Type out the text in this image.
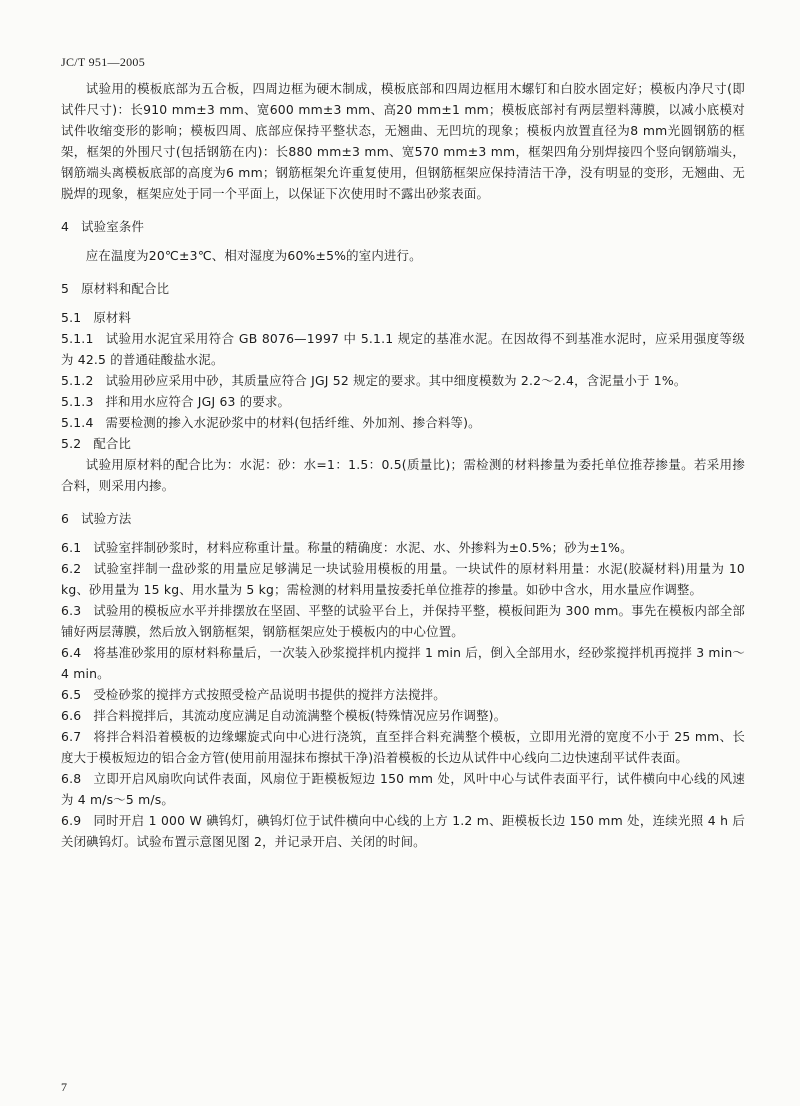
JC/T 951—2005

试验用的模板底部为五合板，四周边框为硬木制成，模板底部和四周边框用木螺钉和白胶水固定好；模板内净尺寸(即试件尺寸)：长910 mm±3 mm、宽600 mm±3 mm、高20 mm±1 mm；模板底部衬有两层塑料薄膜，以减小底模对试件收缩变形的影响；模板四周、底部应保持平整状态，无翘曲、无凹坑的现象；模板内放置直径为8 mm光圆钢筋的框架，框架的外围尺寸(包括钢筋在内)：长880 mm±3 mm、宽570 mm±3 mm，框架四角分别焊接四个竖向钢筋端头，钢筋端头离模板底部的高度为6 mm；钢筋框架允许重复使用，但钢筋框架应保持清洁干净，没有明显的变形，无翘曲、无脱焊的现象，框架应处于同一个平面上，以保证下次使用时不露出砂浆表面。

4 试验室条件

应在温度为20℃±3℃、相对湿度为60%±5%的室内进行。

5 原材料和配合比

5.1 原材料

5.1.1 试验用水泥宜采用符合 GB 8076—1997 中 5.1.1 规定的基准水泥。在因故得不到基准水泥时，应采用强度等级为 42.5 的普通硅酸盐水泥。

5.1.2 试验用砂应采用中砂，其质量应符合 JGJ 52 规定的要求。其中细度模数为 2.2～2.4，含泥量小于 1%。

5.1.3 拌和用水应符合 JGJ 63 的要求。

5.1.4 需要检测的掺入水泥砂浆中的材料(包括纤维、外加剂、掺合料等)。

5.2 配合比

试验用原材料的配合比为：水泥：砂：水=1：1.5：0.5(质量比)；需检测的材料掺量为委托单位推荐掺量。若采用掺合料，则采用内掺。

6 试验方法

6.1 试验室拌制砂浆时，材料应称重计量。称量的精确度：水泥、水、外掺料为±0.5%；砂为±1%。

6.2 试验室拌制一盘砂浆的用量应足够满足一块试验用模板的用量。一块试件的原材料用量：水泥(胶凝材料)用量为 10 kg、砂用量为 15 kg、用水量为 5 kg；需检测的材料用量按委托单位推荐的掺量。如砂中含水，用水量应作调整。

6.3 试验用的模板应水平并排摆放在坚固、平整的试验平台上，并保持平整，模板间距为 300 mm。事先在模板内部全部铺好两层薄膜，然后放入钢筋框架，钢筋框架应处于模板内的中心位置。

6.4 将基准砂浆用的原材料称量后，一次装入砂浆搅拌机内搅拌 1 min 后，倒入全部用水，经砂浆搅拌机再搅拌 3 min～4 min。

6.5 受检砂浆的搅拌方式按照受检产品说明书提供的搅拌方法搅拌。

6.6 拌合料搅拌后，其流动度应满足自动流满整个模板(特殊情况应另作调整)。

6.7 将拌合料沿着模板的边缘螺旋式向中心进行浇筑，直至拌合料充满整个模板，立即用光滑的宽度不小于 25 mm、长度大于模板短边的铝合金方管(使用前用湿抹布擦拭干净)沿着模板的长边从试件中心线向二边快速刮平试件表面。

6.8 立即开启风扇吹向试件表面，风扇位于距模板短边 150 mm 处，风叶中心与试件表面平行，试件横向中心线的风速为 4 m/s～5 m/s。

6.9 同时开启 1 000 W 碘钨灯，碘钨灯位于试件横向中心线的上方 1.2 m、距模板长边 150 mm 处，连续光照 4 h 后关闭碘钨灯。试验布置示意图见图 2，并记录开启、关闭的时间。

7
